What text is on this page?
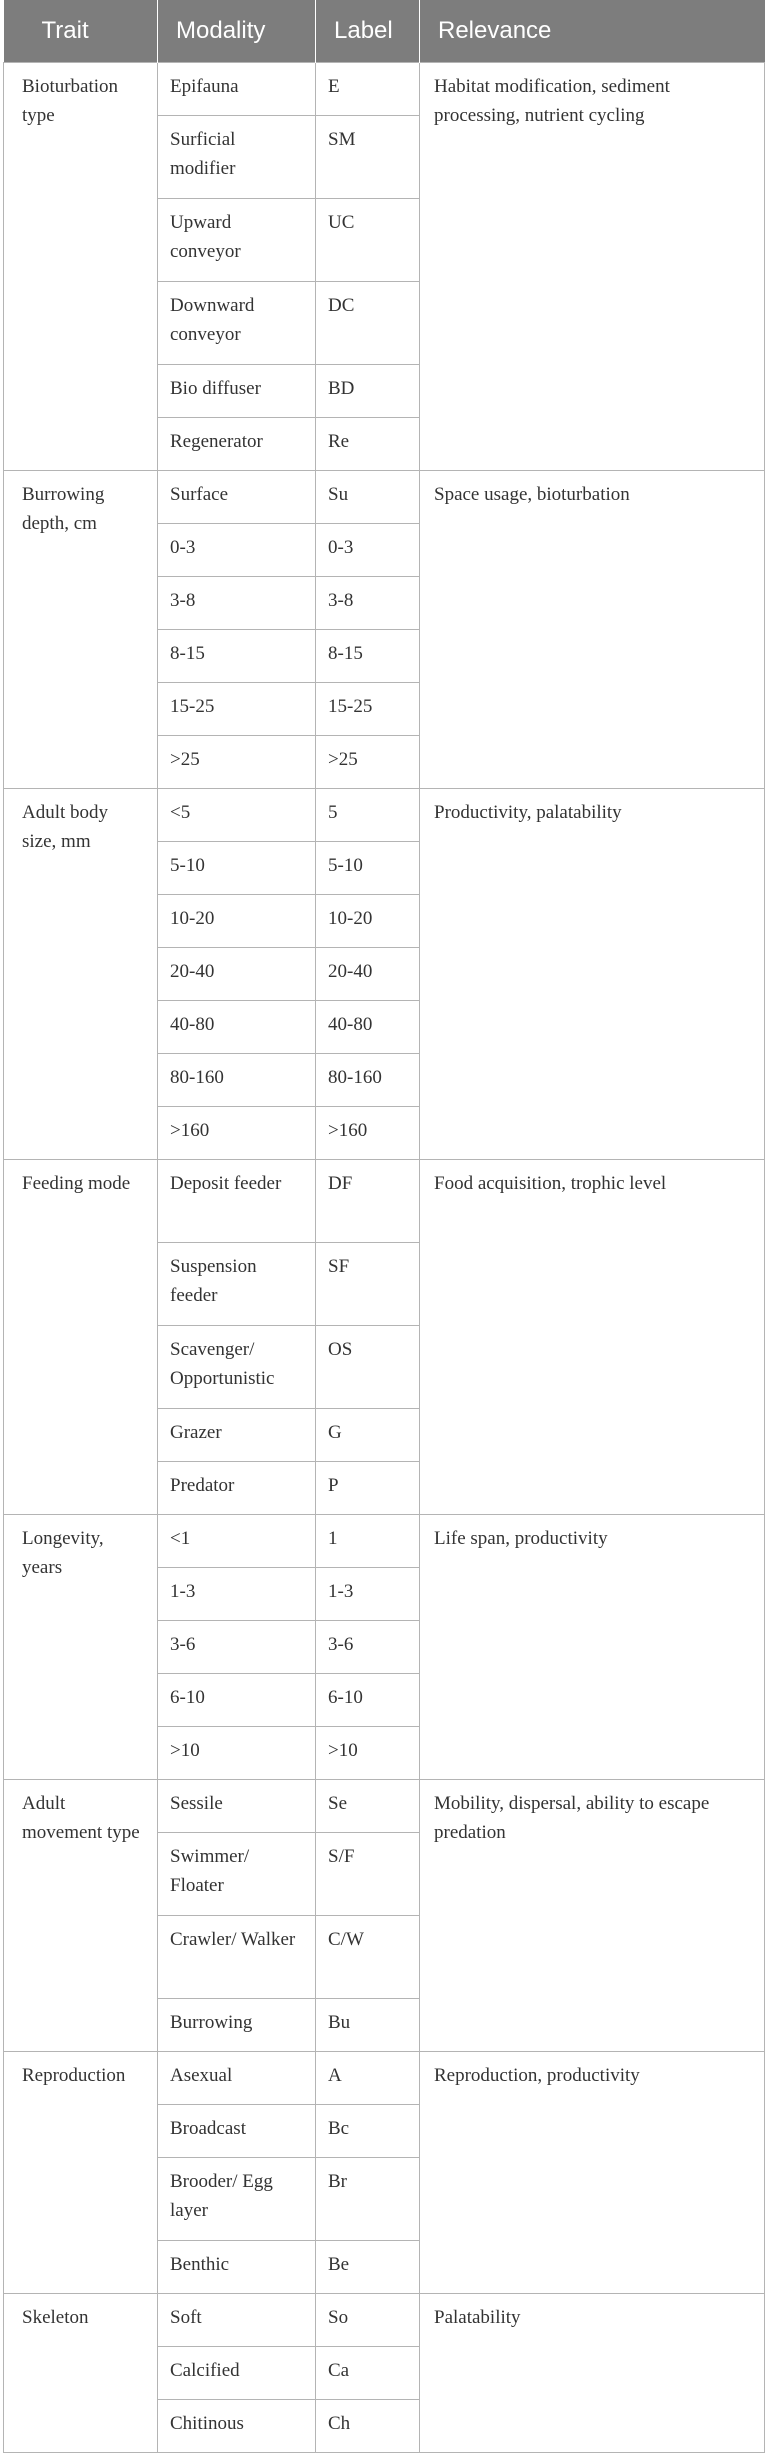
Trait	Modality	Label	Relevance
Bioturbation type	Epifauna	E	Habitat modification, sediment processing, nutrient cycling
	Surficial modifier	SM	
	Upward conveyor	UC	
	Downward conveyor	DC	
	Bio diffuser	BD	
	Regenerator	Re	
Burrowing depth, cm	Surface	Su	Space usage, bioturbation
	0-3	0-3	
	3-8	3-8	
	8-15	8-15	
	15-25	15-25	
	>25	>25	
Adult body size, mm	<5	5	Productivity, palatability
	5-10	5-10	
	10-20	10-20	
	20-40	20-40	
	40-80	40-80	
	80-160	80-160	
	>160	>160	
Feeding mode	Deposit feeder	DF	Food acquisition, trophic level
	Suspension feeder	SF	
	Scavenger/ Opportunistic	OS	
	Grazer	G	
	Predator	P	
Longevity, years	<1	1	Life span, productivity
	1-3	1-3	
	3-6	3-6	
	6-10	6-10	
	>10	>10	
Adult movement type	Sessile	Se	Mobility, dispersal, ability to escape predation
	Swimmer/ Floater	S/F	
	Crawler/ Walker	C/W	
	Burrowing	Bu	
Reproduction	Asexual	A	Reproduction, productivity
	Broadcast	Bc	
	Brooder/ Egg layer	Br	
	Benthic	Be	
Skeleton	Soft	So	Palatability
	Calcified	Ca	
	Chitinous	Ch	
